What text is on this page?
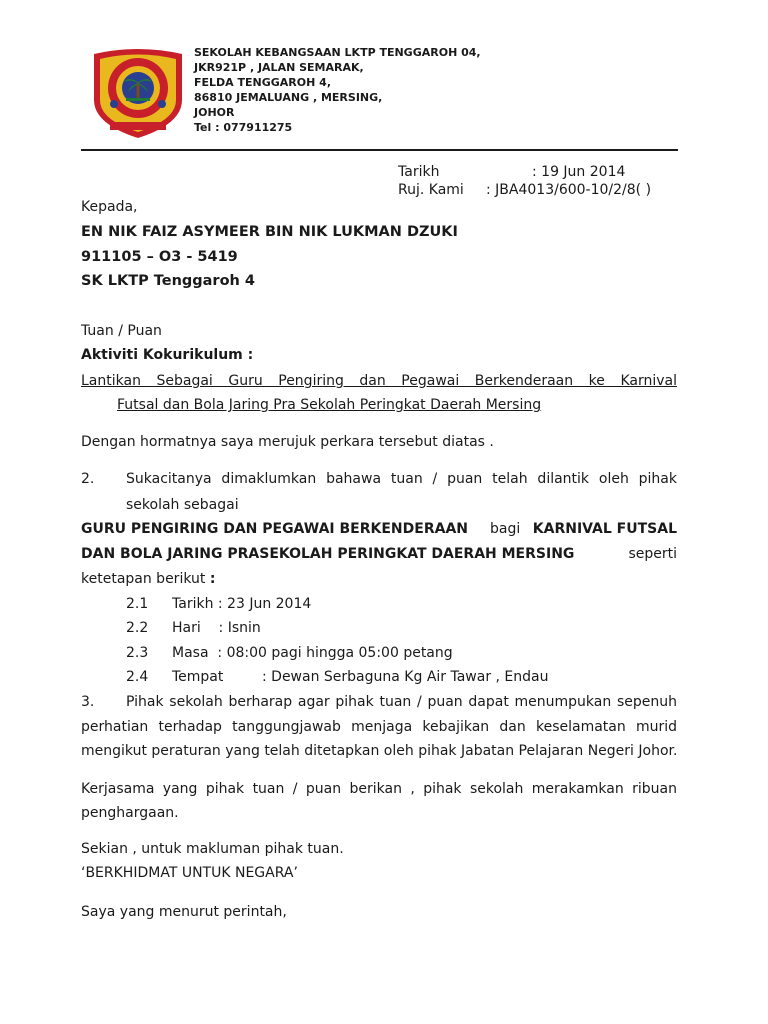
SEKOLAH KEBANGSAAN LKTP TENGGAROH 04,
JKR921P , JALAN SEMARAK,
FELDA TENGGAROH 4,
86810 JEMALUANG , MERSING,
JOHOR
Tel : 077911275
Tarikh	: 19 Jun 2014
Ruj. Kami : JBA4013/600-10/2/8( )
Kepada,
EN NIK FAIZ ASYMEER BIN NIK LUKMAN DZUKI
911105 – O3 - 5419
SK LKTP Tenggaroh 4
Tuan / Puan
Aktiviti Kokurikulum :
Lantikan Sebagai Guru Pengiring dan Pegawai Berkenderaan ke Karnival
Futsal dan Bola Jaring Pra Sekolah Peringkat Daerah Mersing
Dengan hormatnya saya merujuk perkara tersebut diatas .
2. Sukacitanya dimaklumkan bahawa tuan / puan telah dilantik oleh pihak
sekolah sebagai
GURU PENGIRING DAN PEGAWAI BERKENDERAAN bagi KARNIVAL FUTSAL
DAN BOLA JARING PRASEKOLAH PERINGKAT DAERAH MERSING	seperti
ketetapan berikut :
2.1 Tarikh : 23 Jun 2014
2.2 Hari    : Isnin
2.3 Masa  : 08:00 pagi hingga 05:00 petang
2.4 Tempat	: Dewan Serbaguna Kg Air Tawar , Endau
3. Pihak sekolah berharap agar pihak tuan / puan dapat menumpukan sepenuh
perhatian terhadap tanggungjawab menjaga kebajikan dan keselamatan murid
mengikut peraturan yang telah ditetapkan oleh pihak Jabatan Pelajaran Negeri Johor.
Kerjasama yang pihak tuan / puan berikan , pihak sekolah merakamkan ribuan
penghargaan.
Sekian , untuk makluman pihak tuan.
‘BERKHIDMAT UNTUK NEGARA’
Saya yang menurut perintah,
